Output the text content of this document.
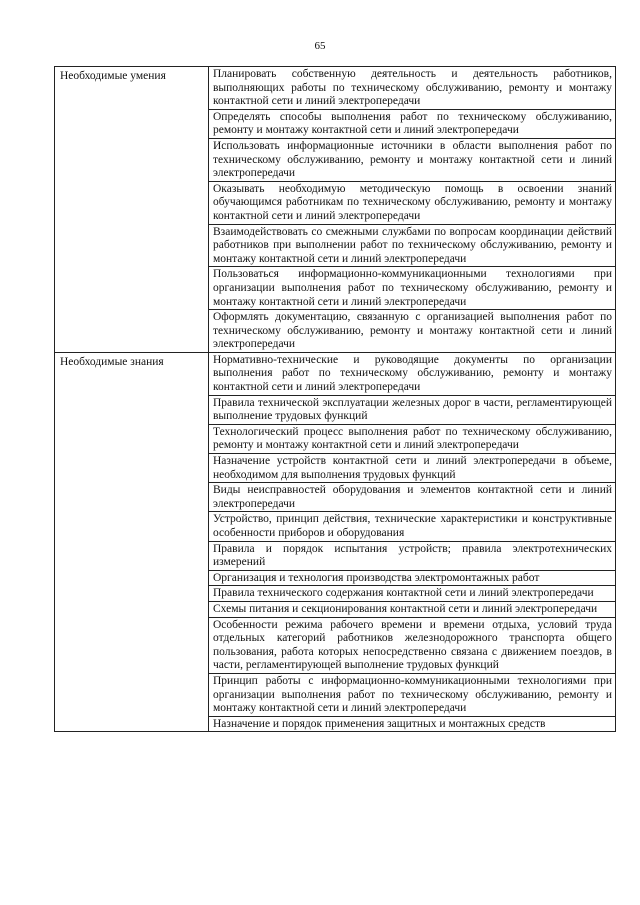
65
Необходимые умения	Планировать собственную деятельность и деятельность работников, выполняющих работы по техническому обслуживанию, ремонту и монтажу контактной сети и линий электропередачи
	Определять способы выполнения работ по техническому обслуживанию, ремонту и монтажу контактной сети и линий электропередачи
	Использовать информационные источники в области выполнения работ по техническому обслуживанию, ремонту и монтажу контактной сети и линий электропередачи
	Оказывать необходимую методическую помощь в освоении знаний обучающимся работникам по техническому обслуживанию, ремонту и монтажу контактной сети и линий электропередачи
	Взаимодействовать со смежными службами по вопросам координации действий работников при выполнении работ по техническому обслуживанию, ремонту и монтажу контактной сети и линий электропередачи
	Пользоваться информационно-коммуникационными технологиями при организации выполнения работ по техническому обслуживанию, ремонту и монтажу контактной сети и линий электропередачи
	Оформлять документацию, связанную с организацией выполнения работ по техническому обслуживанию, ремонту и монтажу контактной сети и линий электропередачи
Необходимые знания	Нормативно-технические и руководящие документы по организации выполнения работ по техническому обслуживанию, ремонту и монтажу контактной сети и линий электропередачи
	Правила технической эксплуатации железных дорог в части, регламентирующей выполнение трудовых функций
	Технологический процесс выполнения работ по техническому обслуживанию, ремонту и монтажу контактной сети и линий электропередачи
	Назначение устройств контактной сети и линий электропередачи в объеме, необходимом для выполнения трудовых функций
	Виды неисправностей оборудования и элементов контактной сети и линий электропередачи
	Устройство, принцип действия, технические характеристики и конструктивные особенности приборов и оборудования
	Правила и порядок испытания устройств; правила электротехнических измерений
	Организация и технология производства электромонтажных работ
	Правила технического содержания контактной сети и линий электропередачи
	Схемы питания и секционирования контактной сети и линий электропередачи
	Особенности режима рабочего времени и времени отдыха, условий труда отдельных категорий работников железнодорожного транспорта общего пользования, работа которых непосредственно связана с движением поездов, в части, регламентирующей выполнение трудовых функций
	Принцип работы с информационно-коммуникационными технологиями при организации выполнения работ по техническому обслуживанию, ремонту и монтажу контактной сети и линий электропередачи
	Назначение и порядок применения защитных и монтажных средств
